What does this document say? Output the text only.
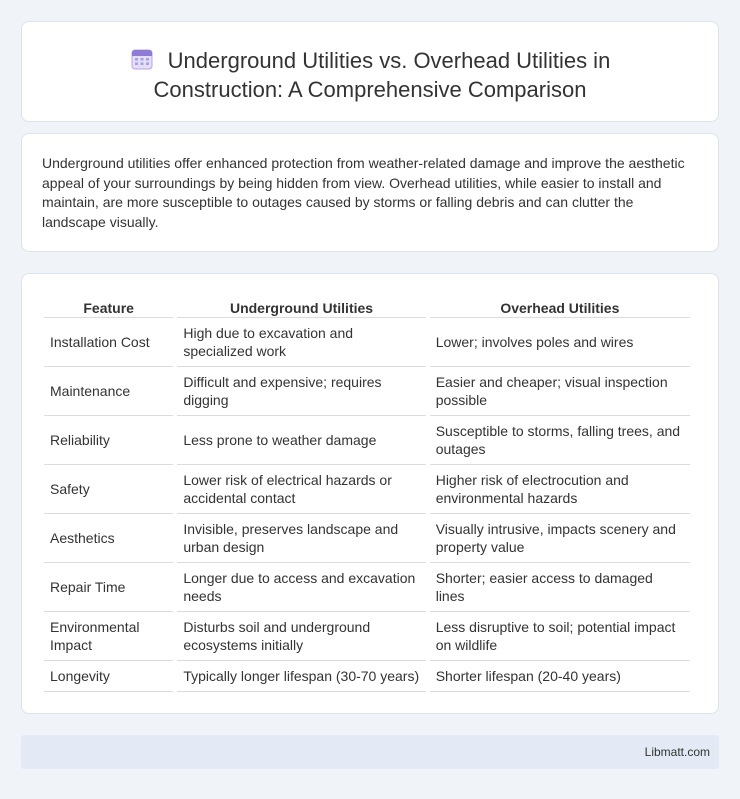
Underground Utilities vs. Overhead Utilities in
Construction: A Comprehensive Comparison

Underground utilities offer enhanced protection from weather-related damage and improve the aesthetic appeal of your surroundings by being hidden from view. Overhead utilities, while easier to install and maintain, are more susceptible to outages caused by storms or falling debris and can clutter the landscape visually.

Feature	Underground Utilities	Overhead Utilities
Installation Cost	High due to excavation and specialized work	Lower; involves poles and wires
Maintenance	Difficult and expensive; requires digging	Easier and cheaper; visual inspection possible
Reliability	Less prone to weather damage	Susceptible to storms, falling trees, and outages
Safety	Lower risk of electrical hazards or accidental contact	Higher risk of electrocution and environmental hazards
Aesthetics	Invisible, preserves landscape and urban design	Visually intrusive, impacts scenery and property value
Repair Time	Longer due to access and excavation needs	Shorter; easier access to damaged lines
Environmental Impact	Disturbs soil and underground ecosystems initially	Less disruptive to soil; potential impact on wildlife
Longevity	Typically longer lifespan (30-70 years)	Shorter lifespan (20-40 years)
Libmatt.com
